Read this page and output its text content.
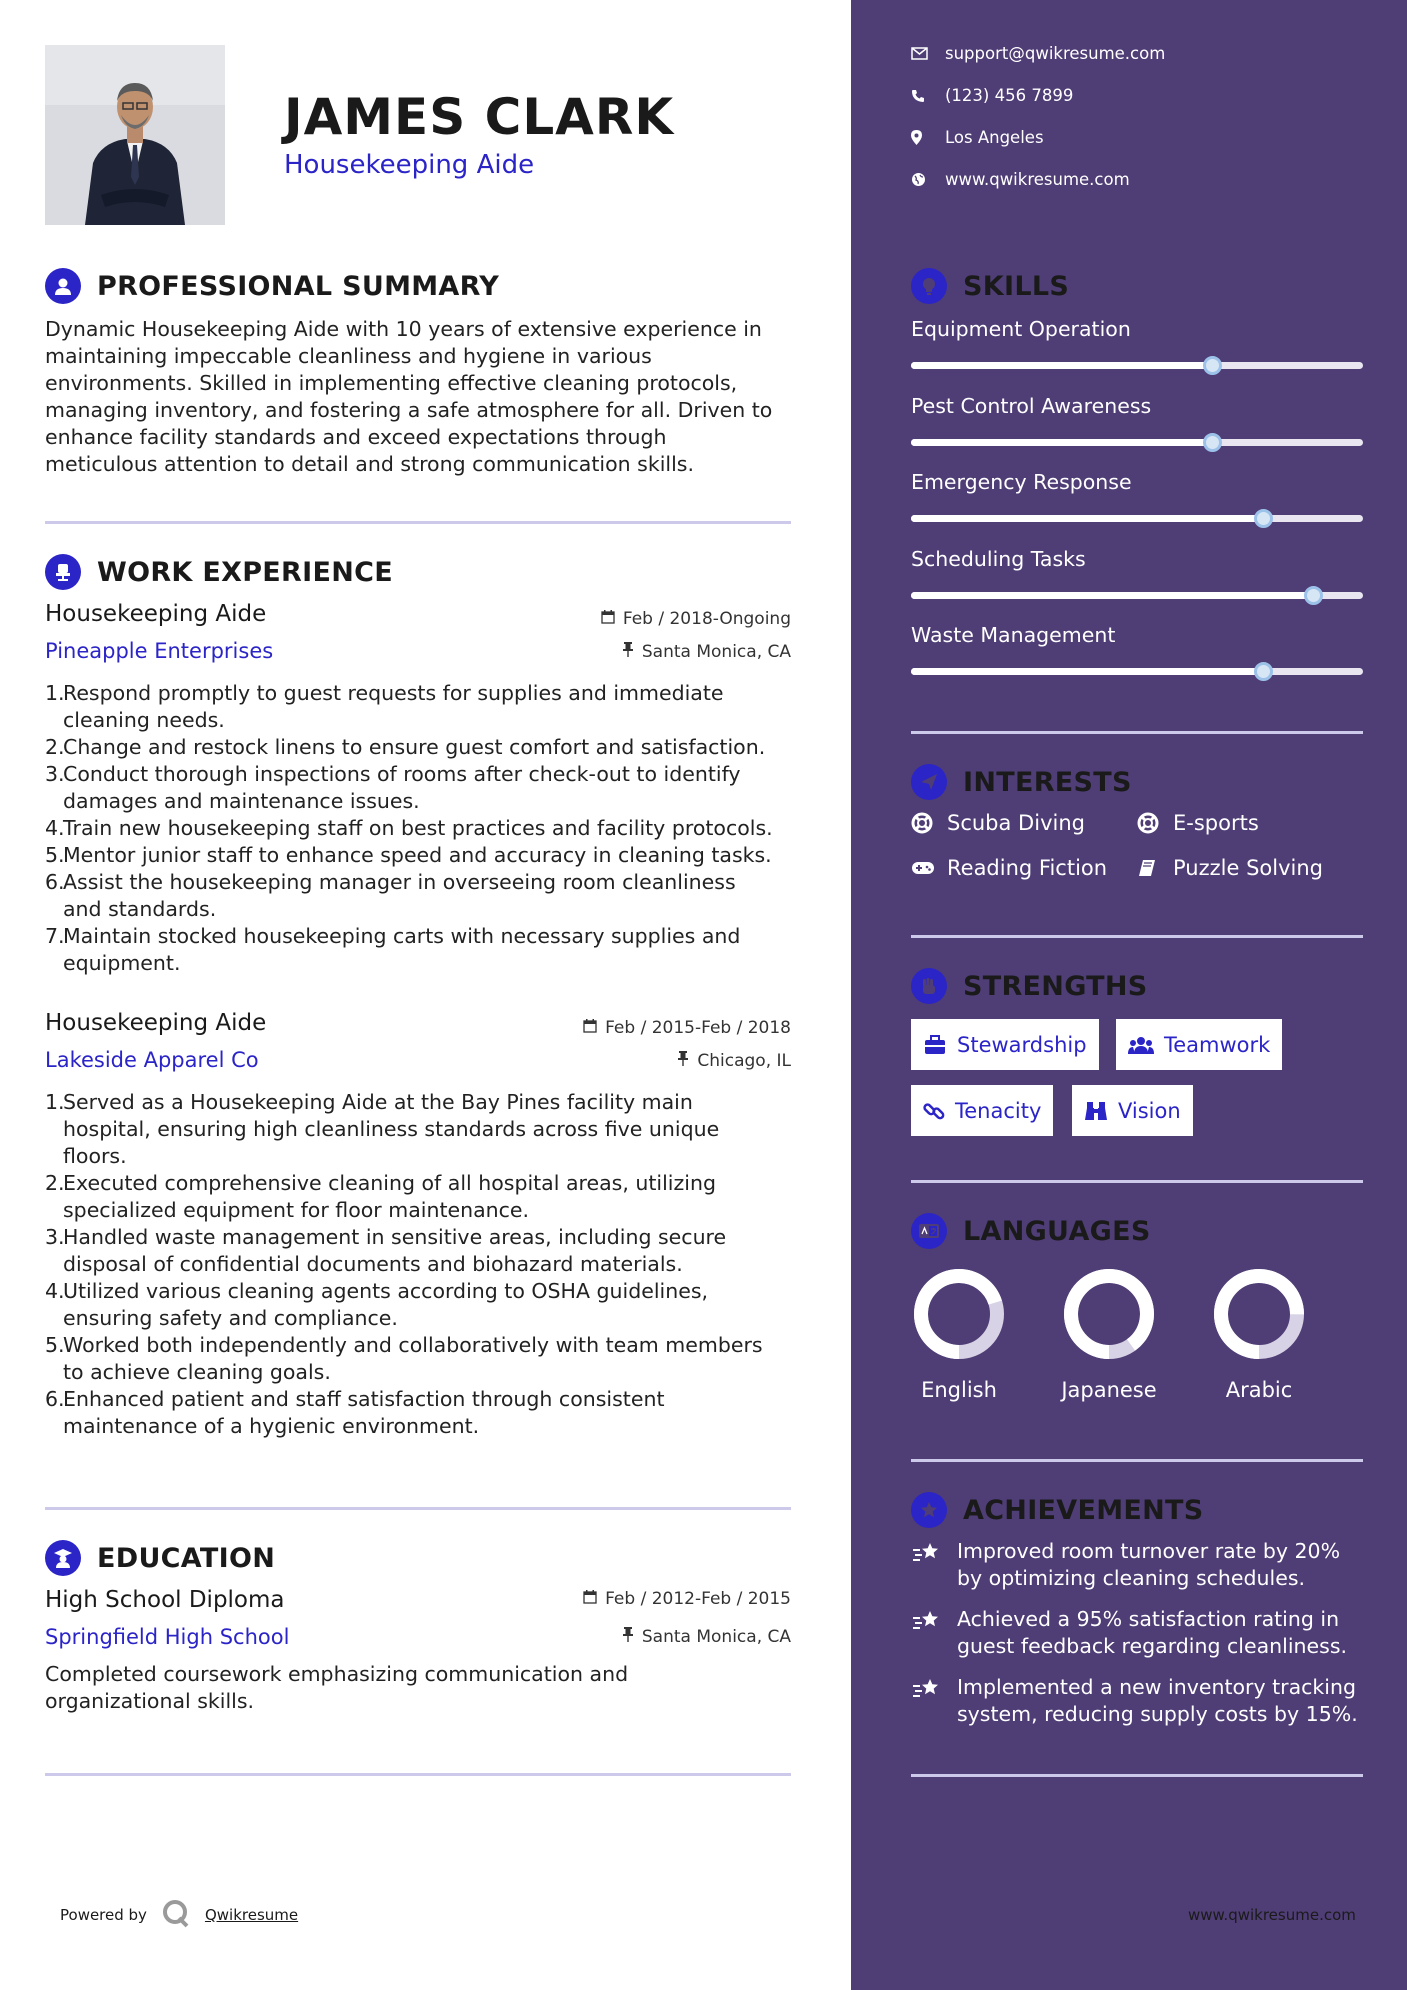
JAMES CLARK
Housekeeping Aide
PROFESSIONAL SUMMARY
Dynamic Housekeeping Aide with 10 years of extensive experience in
maintaining impeccable cleanliness and hygiene in various
environments. Skilled in implementing effective cleaning protocols,
managing inventory, and fostering a safe atmosphere for all. Driven to
enhance facility standards and exceed expectations through
meticulous attention to detail and strong communication skills.
WORK EXPERIENCE
Housekeeping Aide
Pineapple Enterprises
Feb / 2018-Ongoing
Santa Monica, CA
1.
Respond promptly to guest requests for supplies and immediate
cleaning needs.
2.
Change and restock linens to ensure guest comfort and satisfaction.
3.
Conduct thorough inspections of rooms after check-out to identify
damages and maintenance issues.
4.
Train new housekeeping staff on best practices and facility protocols.
5.
Mentor junior staff to enhance speed and accuracy in cleaning tasks.
6.
Assist the housekeeping manager in overseeing room cleanliness
and standards.
7.
Maintain stocked housekeeping carts with necessary supplies and
equipment.
Housekeeping Aide
Lakeside Apparel Co
Feb / 2015-Feb / 2018
Chicago, IL
1.
Served as a Housekeeping Aide at the Bay Pines facility main
hospital, ensuring high cleanliness standards across five unique
floors.
2.
Executed comprehensive cleaning of all hospital areas, utilizing
specialized equipment for floor maintenance.
3.
Handled waste management in sensitive areas, including secure
disposal of confidential documents and biohazard materials.
4.
Utilized various cleaning agents according to OSHA guidelines,
ensuring safety and compliance.
5.
Worked both independently and collaboratively with team members
to achieve cleaning goals.
6.
Enhanced patient and staff satisfaction through consistent
maintenance of a hygienic environment.
EDUCATION
High School Diploma
Springfield High School
Feb / 2012-Feb / 2015
Santa Monica, CA
Completed coursework emphasizing communication and
organizational skills.
Powered by	Qwikresume
support@qwikresume.com
(123) 456 7899
Los Angeles
www.qwikresume.com
SKILLS
Equipment Operation
Pest Control Awareness
Emergency Response
Scheduling Tasks
Waste Management
INTERESTS
Scuba Diving	E-sports
Reading Fiction	Puzzle Solving
STRENGTHS
Stewardship	Teamwork
Tenacity	Vision
LANGUAGES
English	Japanese	Arabic
ACHIEVEMENTS
Improved room turnover rate by 20%
by optimizing cleaning schedules.
Achieved a 95% satisfaction rating in
guest feedback regarding cleanliness.
Implemented a new inventory tracking
system, reducing supply costs by 15%.
www.qwikresume.com
